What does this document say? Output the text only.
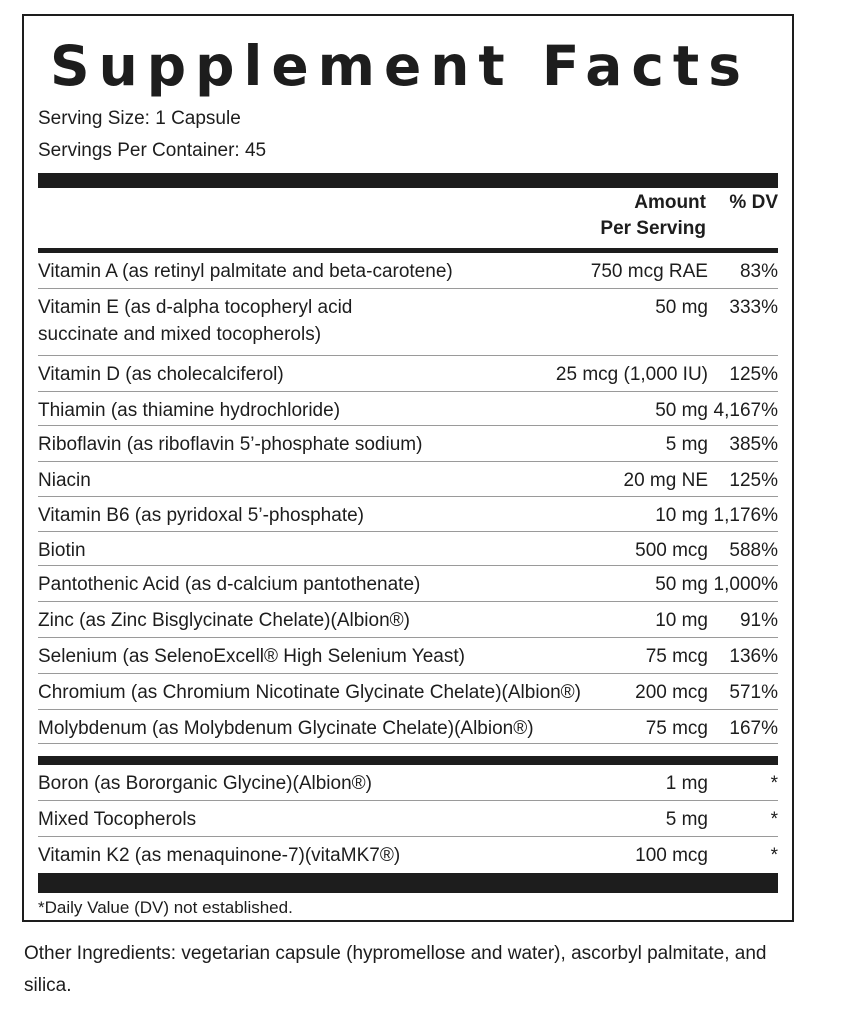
Supplement Facts
Serving Size: 1 Capsule
Servings Per Container: 45
Amount
Per Serving
% DV
Vitamin A (as retinyl palmitate and beta-carotene)	750 mcg RAE 83%
Vitamin E (as d-alpha tocopheryl acid
succinate and mixed tocopherols)
50 mg 333%
Vitamin D (as cholecalciferol)	25 mcg (1,000 IU) 125%
Thiamin (as thiamine hydrochloride)	50 mg 4,167%
Riboflavin (as riboflavin 5’-phosphate sodium)	5 mg 385%
Niacin	20 mg NE 125%
Vitamin B6 (as pyridoxal 5’-phosphate)	10 mg 1,176%
Biotin	500 mcg 588%
Pantothenic Acid (as d-calcium pantothenate)	50 mg 1,000%
Zinc (as Zinc Bisglycinate Chelate)(Albion®)	10 mg 91%
Selenium (as SelenoExcell® High Selenium Yeast)	75 mcg 136%
Chromium (as Chromium Nicotinate Glycinate Chelate)(Albion®)	200 mcg 571%
Molybdenum (as Molybdenum Glycinate Chelate)(Albion®)	75 mcg 167%
Boron (as Bororganic Glycine)(Albion®)	1 mg	*
Mixed Tocopherols	5 mg	*
Vitamin K2 (as menaquinone-7)(vitaMK7®)	100 mcg	*
*Daily Value (DV) not established.
Other Ingredients: vegetarian capsule (hypromellose and water), ascorbyl palmitate, and silica.
